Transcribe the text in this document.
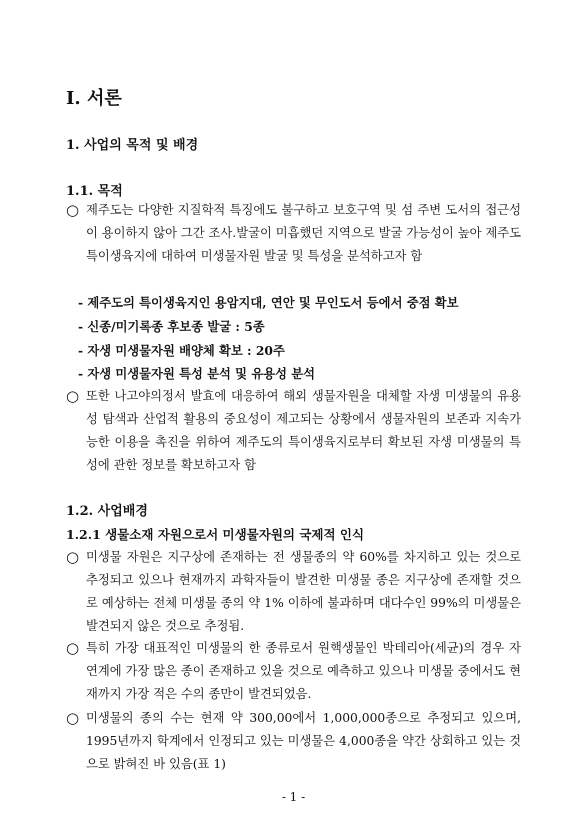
I. 서론
1. 사업의 목적 및 배경
1.1. 목적
○ 제주도는 다양한 지질학적 특징에도 불구하고 보호구역 및 섬 주변 도서의 접근성이 용이하지 않아 그간 조사.발굴이 미흡했던 지역으로 발굴 가능성이 높아 제주도 특이생육지에 대하여 미생물자원 발굴 및 특성을 분석하고자 함
- 제주도의 특이생육지인 용암지대, 연안 및 무인도서 등에서 중점 확보
- 신종/미기록종 후보종 발굴 : 5종
- 자생 미생물자원 배양체 확보 : 20주
- 자생 미생물자원 특성 분석 및 유용성 분석
○ 또한 나고야의정서 발효에 대응하여 해외 생물자원을 대체할 자생 미생물의 유용성 탐색과 산업적 활용의 중요성이 제고되는 상황에서 생물자원의 보존과 지속가능한 이용을 촉진을 위하여 제주도의 특이생육지로부터 확보된 자생 미생물의 특성에 관한 정보를 확보하고자 함
1.2. 사업배경
1.2.1 생물소재 자원으로서 미생물자원의 국제적 인식
○ 미생물 자원은 지구상에 존재하는 전 생물종의 약 60%를 차지하고 있는 것으로 추정되고 있으나 현재까지 과학자들이 발견한 미생물 종은 지구상에 존재할 것으로 예상하는 전체 미생물 종의 약 1% 이하에 불과하며 대다수인 99%의 미생물은 발견되지 않은 것으로 추정됨.
○ 특히 가장 대표적인 미생물의 한 종류로서 원핵생물인 박테리아(세균)의 경우 자연계에 가장 많은 종이 존재하고 있을 것으로 예측하고 있으나 미생물 중에서도 현재까지 가장 적은 수의 종만이 발견되었음.
○ 미생물의 종의 수는 현재 약 300,00에서 1,000,000종으로 추정되고 있으며, 1995년까지 학계에서 인정되고 있는 미생물은 4,000종을 약간 상회하고 있는 것으로 밝혀진 바 있음(표 1)
- 1 -
